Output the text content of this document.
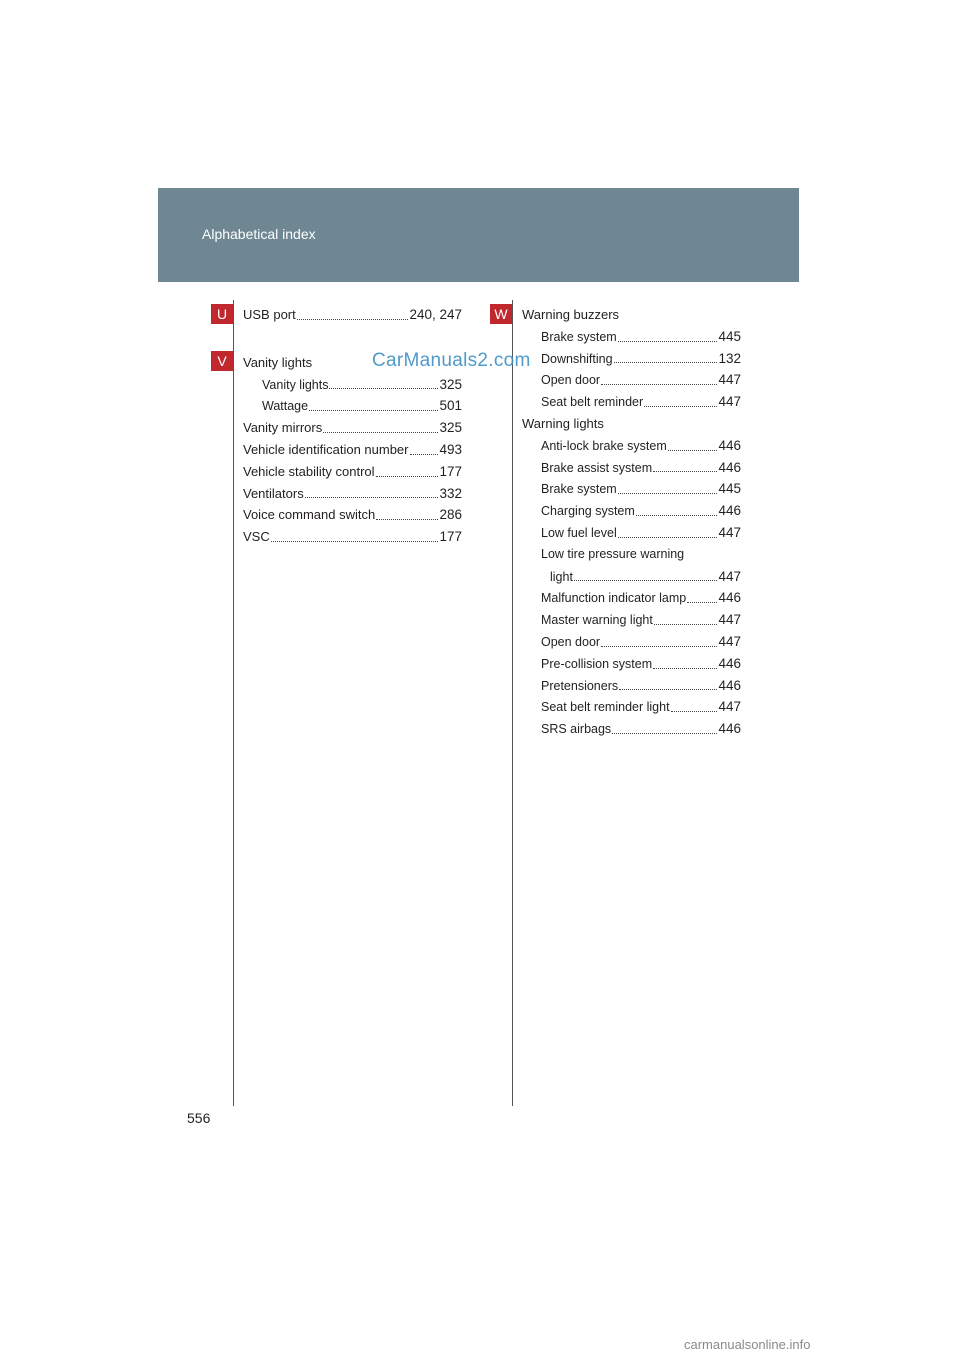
Alphabetical index
U
V
W
USB port	240, 247
Vanity lights
Vanity lights	325
Wattage	501
Vanity mirrors	325
Vehicle identification number 493
Vehicle stability control	177
Ventilators	332
Voice command switch	286
VSC	177
Warning buzzers
Brake system	445
Downshifting	132
Open door	447
Seat belt reminder	447
Warning lights
Anti-lock brake system	446
Brake assist system	446
Brake system	445
Charging system	446
Low fuel level	447
Low tire pressure warning
light	447
Malfunction indicator lamp 446
Master warning light	447
Open door	447
Pre-collision system	446
Pretensioners	446
Seat belt reminder light	447
SRS airbags	446
CarManuals2.com
556
carmanualsonline.info
